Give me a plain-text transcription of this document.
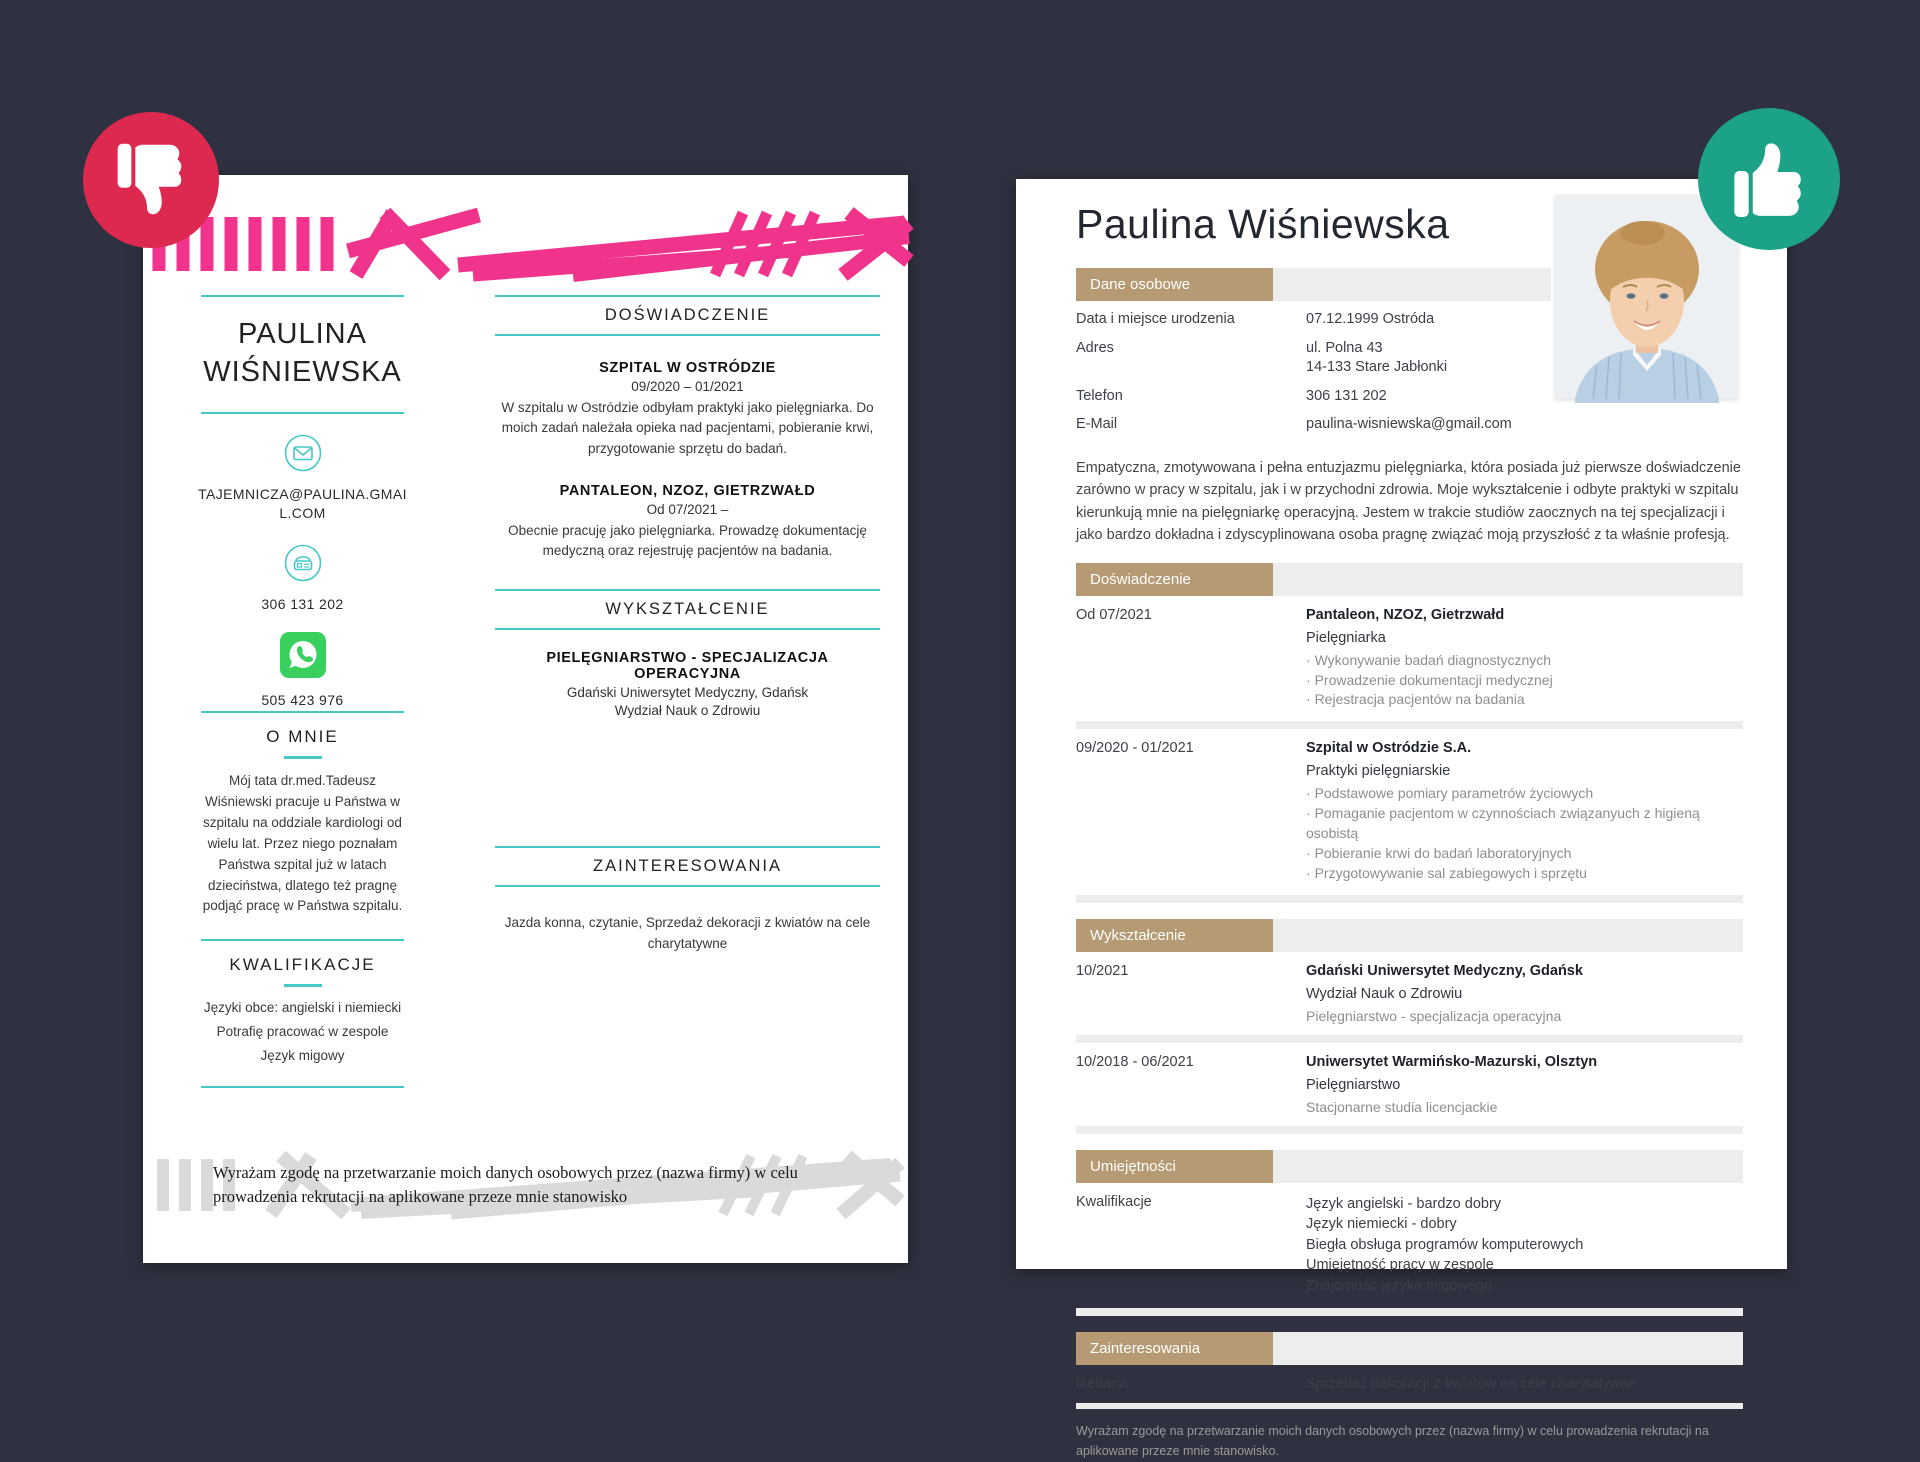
PAULINA
WIŚNIEWSKA
TAJEMNICZA@PAULINA.GMAIL.COM
306 131 202
505 423 976
O MNIE
Mój tata dr.med.Tadeusz Wiśniewski pracuje u Państwa w szpitalu na oddziale kardiologi od wielu lat. Przez niego poznałam Państwa szpital już w latach dzieciństwa, dlatego też pragnę podjąć pracę w Państwa szpitalu.
KWALIFIKACJE
Języki obce: angielski i niemiecki
Potrafię pracować w zespole
Język migowy
DOŚWIADCZENIE
SZPITAL W OSTRÓDZIE
09/2020 – 01/2021
W szpitalu w Ostródzie odbyłam praktyki jako pielęgniarka. Do moich zadań należała opieka nad pacjentami, pobieranie krwi, przygotowanie sprzętu do badań.
PANTALEON, NZOZ, GIETRZWAŁD
Od 07/2021 –
Obecnie pracuję jako pielęgniarka. Prowadzę dokumentację medyczną oraz rejestruję pacjentów na badania.
WYKSZTAŁCENIE
PIELĘGNIARSTWO - SPECJALIZACJA OPERACYJNA
Gdański Uniwersytet Medyczny, Gdańsk
Wydział Nauk o Zdrowiu
ZAINTERESOWANIA
Jazda konna, czytanie, Sprzedaż dekoracji z kwiatów na cele charytatywne
Wyrażam zgodę na przetwarzanie moich danych osobowych przez (nazwa firmy) w celu prowadzenia rekrutacji na aplikowane przeze mnie stanowisko
Paulina Wiśniewska
Dane osobowe
Data i miejsce urodzenia	07.12.1999 Ostróda
Adres	ul. Polna 43
14-133 Stare Jabłonki
Telefon	306 131 202
E-Mail	paulina-wisniewska@gmail.com

Empatyczna, zmotywowana i pełna entuzjazmu pielęgniarka, która posiada już pierwsze doświadczenie zarówno w pracy w szpitalu, jak i w przychodni zdrowia. Moje wykształcenie i odbyte praktyki w szpitalu kierunkują mnie na pielęgniarkę operacyjną. Jestem w trakcie studiów zaocznych na tej specjalizacji i jako bardzo dokładna i zdyscyplinowana osoba pragnę związać moją przyszłość z ta właśnie profesją.

Doświadczenie
Od 07/2021	Pantaleon, NZOZ, Gietrzwałd
Pielęgniarka
· Wykonywanie badań diagnostycznych
· Prowadzenie dokumentacji medycznej
· Rejestracja pacjentów na badania
09/2020 - 01/2021	Szpital w Ostródzie S.A.
Praktyki pielęgniarskie
· Podstawowe pomiary parametrów życiowych
· Pomaganie pacjentom w czynnościach związanyuch z higieną osobistą
· Pobieranie krwi do badań laboratoryjnych
· Przygotowywanie sal zabiegowych i sprzętu
Wykształcenie
10/2021	Gdański Uniwersytet Medyczny, Gdańsk
Wydział Nauk o Zdrowiu
Pielęgniarstwo - specjalizacja operacyjna
10/2018 - 06/2021	Uniwersytet Warmińsko-Mazurski, Olsztyn
Pielęgniarstwo
Stacjonarne studia licencjackie
Umiejętności
Kwalifikacje	Język angielski - bardzo dobry
Język niemiecki - dobry
Biegła obsługa programów komputerowych
Umiejętność pracy w zespole
Znajomość języka migowego
Zainteresowania
Ikebana	Sprzedaż dekoracji z kwiatów na cele charytatywne

Wyrażam zgodę na przetwarzanie moich danych osobowych przez (nazwa firmy) w celu prowadzenia rekrutacji na aplikowane przeze mnie stanowisko.
